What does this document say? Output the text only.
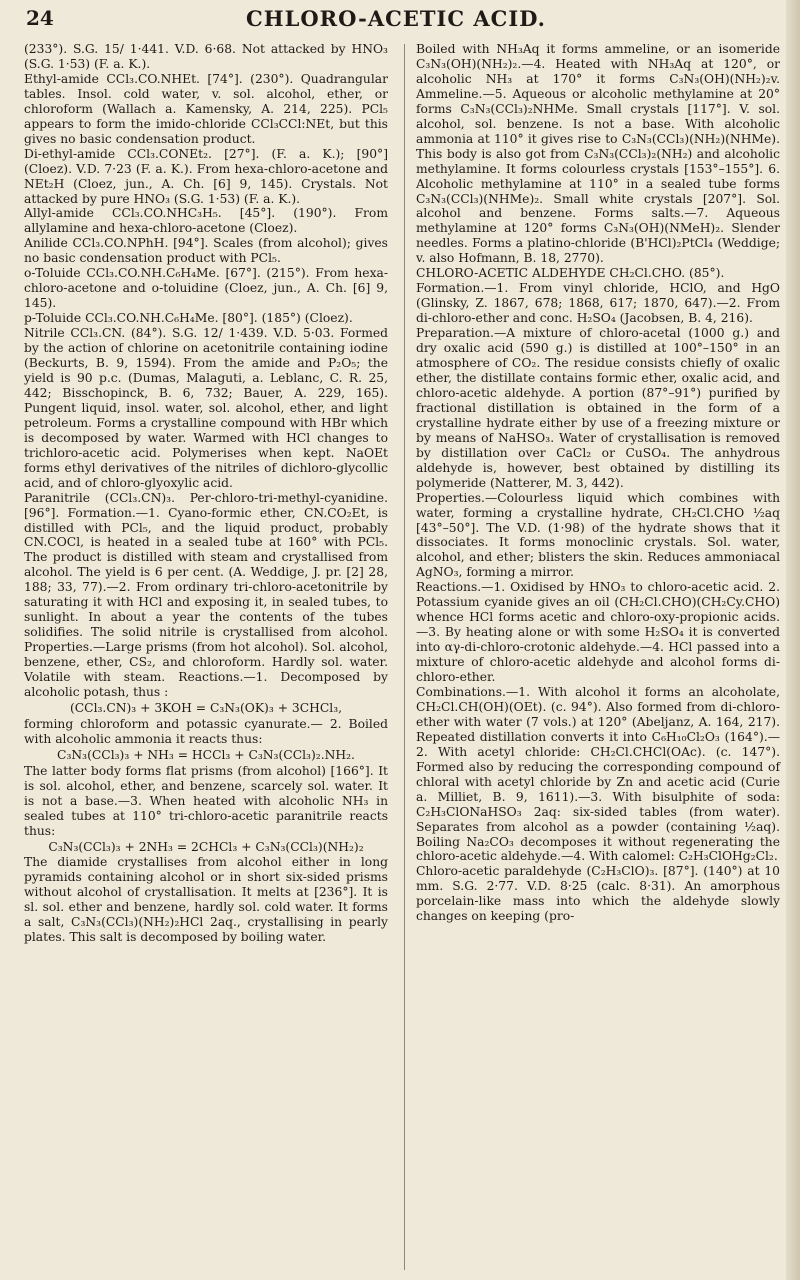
24	CHLORO-ACETIC ACID.

(233°). S.G. 15/ 1·441. V.D. 6·68. Not attacked by HNO₃ (S.G. 1·53) (F. a. K.).

Ethyl-amide CCl₃.CO.NHEt. [74°]. (230°). Quadrangular tables. Insol. cold water, v. sol. alcohol, ether, or chloroform (Wallach a. Kamensky, A. 214, 225). PCl₅ appears to form the imido-chloride CCl₃CCl:NEt, but this gives no basic condensation product.

Di-ethyl-amide CCl₃.CONEt₂. [27°]. (F. a. K.); [90°] (Cloez). V.D. 7·23 (F. a. K.). From hexa-chloro-acetone and NEt₂H (Cloez, jun., A. Ch. [6] 9, 145). Crystals. Not attacked by pure HNO₃ (S.G. 1·53) (F. a. K.).

Allyl-amide CCl₃.CO.NHC₃H₅. [45°]. (190°). From allylamine and hexa-chloro-acetone (Cloez).

Anilide CCl₃.CO.NPhH. [94°]. Scales (from alcohol); gives no basic condensation product with PCl₅.

o-Toluide CCl₃.CO.NH.C₆H₄Me. [67°]. (215°). From hexa-chloro-acetone and o-toluidine (Cloez, jun., A. Ch. [6] 9, 145).

p-Toluide CCl₃.CO.NH.C₆H₄Me. [80°]. (185°) (Cloez).

Nitrile CCl₃.CN. (84°). S.G. 12/ 1·439. V.D. 5·03. Formed by the action of chlorine on acetonitrile containing iodine (Beckurts, B. 9, 1594). From the amide and P₂O₅; the yield is 90 p.c. (Dumas, Malaguti, a. Leblanc, C. R. 25, 442; Bisschopinck, B. 6, 732; Bauer, A. 229, 165). Pungent liquid, insol. water, sol. alcohol, ether, and light petroleum. Forms a crystalline compound with HBr which is decomposed by water. Warmed with HCl changes to trichloro-acetic acid. Polymerises when kept. NaOEt forms ethyl derivatives of the nitriles of dichloro-glycollic acid, and of chloro-glyoxylic acid.

Paranitrile (CCl₃.CN)₃. Per-chloro-tri-methyl-cyanidine. [96°]. Formation.—1. Cyano-formic ether, CN.CO₂Et, is distilled with PCl₅, and the liquid product, probably CN.COCl, is heated in a sealed tube at 160° with PCl₅. The product is distilled with steam and crystallised from alcohol. The yield is 6 per cent. (A. Weddige, J. pr. [2] 28, 188; 33, 77).—2. From ordinary tri-chloro-acetonitrile by saturating it with HCl and exposing it, in sealed tubes, to sunlight. In about a year the contents of the tubes solidifies. The solid nitrile is crystallised from alcohol. Properties.—Large prisms (from hot alcohol). Sol. alcohol, benzene, ether, CS₂, and chloroform. Hardly sol. water. Volatile with steam. Reactions.—1. Decomposed by alcoholic potash, thus :

(CCl₃.CN)₃ + 3KOH = C₃N₃(OK)₃ + 3CHCl₃,

forming chloroform and potassic cyanurate.— 2. Boiled with alcoholic ammonia it reacts thus:

C₃N₃(CCl₃)₃ + NH₃ = HCCl₃ + C₃N₃(CCl₃)₂.NH₂.

The latter body forms flat prisms (from alcohol) [166°]. It is sol. alcohol, ether, and benzene, scarcely sol. water. It is not a base.—3. When heated with alcoholic NH₃ in sealed tubes at 110° tri-chloro-acetic paranitrile reacts thus:

C₃N₃(CCl₃)₃ + 2NH₃ = 2CHCl₃ + C₃N₃(CCl₃)(NH₂)₂

The diamide crystallises from alcohol either in long pyramids containing alcohol or in short six-sided prisms without alcohol of crystallisation. It melts at [236°]. It is sl. sol. ether and benzene, hardly sol. cold water. It forms a salt, C₃N₃(CCl₃)(NH₂)₂HCl 2aq., crystallising in pearly plates. This salt is decomposed by boiling water.

Boiled with NH₃Aq it forms ammeline, or an isomeride C₃N₃(OH)(NH₂)₂.—4. Heated with NH₃Aq at 120°, or alcoholic NH₃ at 170° it forms C₃N₃(OH)(NH₂)₂v. Ammeline.—5. Aqueous or alcoholic methylamine at 20° forms C₃N₃(CCl₃)₂NHMe. Small crystals [117°]. V. sol. alcohol, sol. benzene. Is not a base. With alcoholic ammonia at 110° it gives rise to C₃N₃(CCl₃)(NH₂)(NHMe). This body is also got from C₃N₃(CCl₃)₂(NH₂) and alcoholic methylamine. It forms colourless crystals [153°–155°]. 6. Alcoholic methylamine at 110° in a sealed tube forms C₃N₃(CCl₃)(NHMe)₂. Small white crystals [207°]. Sol. alcohol and benzene. Forms salts.—7. Aqueous methylamine at 120° forms C₃N₃(OH)(NMeH)₂. Slender needles. Forms a platino-chloride (B'HCl)₂PtCl₄ (Weddige; v. also Hofmann, B. 18, 2770).

CHLORO-ACETIC ALDEHYDE CH₂Cl.CHO. (85°).

Formation.—1. From vinyl chloride, HClO, and HgO (Glinsky, Z. 1867, 678; 1868, 617; 1870, 647).—2. From di-chloro-ether and conc. H₂SO₄ (Jacobsen, B. 4, 216).

Preparation.—A mixture of chloro-acetal (1000 g.) and dry oxalic acid (590 g.) is distilled at 100°–150° in an atmosphere of CO₂. The residue consists chiefly of oxalic ether, the distillate contains formic ether, oxalic acid, and chloro-acetic aldehyde. A portion (87°–91°) purified by fractional distillation is obtained in the form of a crystalline hydrate either by use of a freezing mixture or by means of NaHSO₃. Water of crystallisation is removed by distillation over CaCl₂ or CuSO₄. The anhydrous aldehyde is, however, best obtained by distilling its polymeride (Natterer, M. 3, 442).

Properties.—Colourless liquid which combines with water, forming a crystalline hydrate, CH₂Cl.CHO ½aq [43°–50°]. The V.D. (1·98) of the hydrate shows that it dissociates. It forms monoclinic crystals. Sol. water, alcohol, and ether; blisters the skin. Reduces ammoniacal AgNO₃, forming a mirror.

Reactions.—1. Oxidised by HNO₃ to chloro-acetic acid. 2. Potassium cyanide gives an oil (CH₂Cl.CHO)(CH₂Cy.CHO) whence HCl forms acetic and chloro-oxy-propionic acids.—3. By heating alone or with some H₂SO₄ it is converted into αγ-di-chloro-crotonic aldehyde.—4. HCl passed into a mixture of chloro-acetic aldehyde and alcohol forms di-chloro-ether.

Combinations.—1. With alcohol it forms an alcoholate, CH₂Cl.CH(OH)(OEt). (c. 94°). Also formed from di-chloro-ether with water (7 vols.) at 120° (Abeljanz, A. 164, 217). Repeated distillation converts it into C₆H₁₀Cl₂O₃ (164°).— 2. With acetyl chloride: CH₂Cl.CHCl(OAc). (c. 147°). Formed also by reducing the corresponding compound of chloral with acetyl chloride by Zn and acetic acid (Curie a. Milliet, B. 9, 1611).—3. With bisulphite of soda: C₂H₃ClONaHSO₃ 2aq: six-sided tables (from water). Separates from alcohol as a powder (containing ½aq). Boiling Na₂CO₃ decomposes it without regenerating the chloro-acetic aldehyde.—4. With calomel: C₂H₃ClOHg₂Cl₂.

Chloro-acetic paraldehyde (C₂H₃ClO)₃. [87°]. (140°) at 10 mm. S.G. 2·77. V.D. 8·25 (calc. 8·31). An amorphous porcelain-like mass into which the aldehyde slowly changes on keeping (pro-
